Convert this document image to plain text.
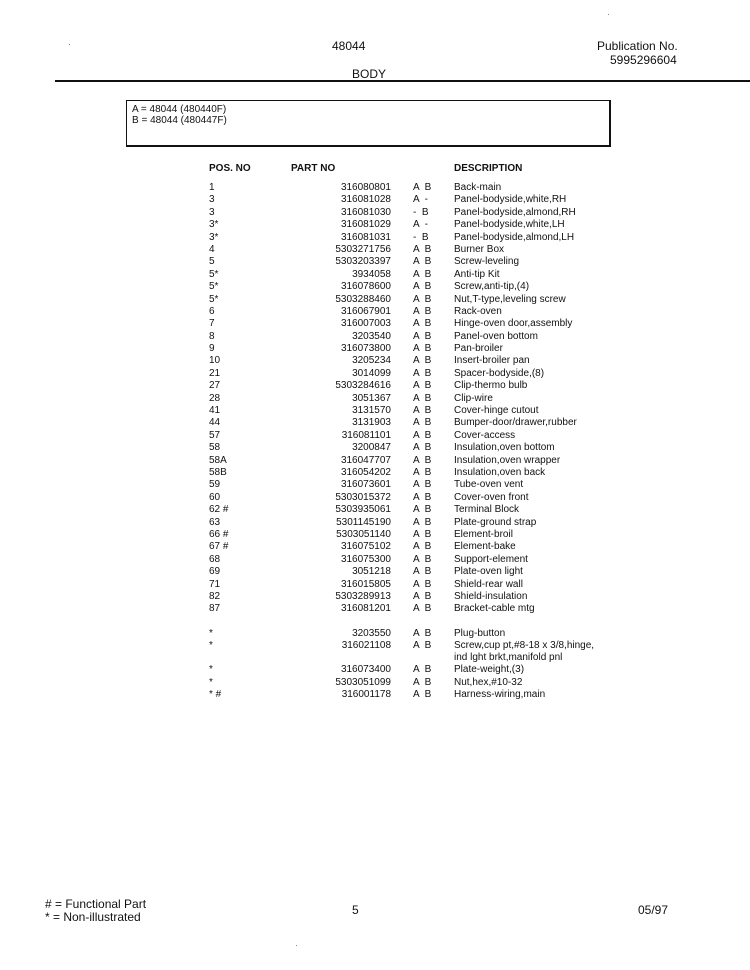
48044	Publication No.
5995296604
BODY
A = 48044 (480440F)
B = 48044 (480447F)
POS. NO	PART NO		DESCRIPTION
1	316080801	A  B	Back-main
3	316081028	A  -	Panel-bodyside,white,RH
3	316081030	-  B	Panel-bodyside,almond,RH
3*	316081029	A  -	Panel-bodyside,white,LH
3*	316081031	-  B	Panel-bodyside,almond,LH
4	5303271756	A  B	Burner Box
5	5303203397	A  B	Screw-leveling
5*	3934058	A  B	Anti-tip Kit
5*	316078600	A  B	Screw,anti-tip,(4)
5*	5303288460	A  B	Nut,T-type,leveling screw
6	316067901	A  B	Rack-oven
7	316007003	A  B	Hinge-oven door,assembly
8	3203540	A  B	Panel-oven bottom
9	316073800	A  B	Pan-broiler
10	3205234	A  B	Insert-broiler pan
21	3014099	A  B	Spacer-bodyside,(8)
27	5303284616	A  B	Clip-thermo bulb
28	3051367	A  B	Clip-wire
41	3131570	A  B	Cover-hinge cutout
44	3131903	A  B	Bumper-door/drawer,rubber
57	316081101	A  B	Cover-access
58	3200847	A  B	Insulation,oven bottom
58A	316047707	A  B	Insulation,oven wrapper
58B	316054202	A  B	Insulation,oven back
59	316073601	A  B	Tube-oven vent
60	5303015372	A  B	Cover-oven front
62 #	5303935061	A  B	Terminal Block
63	5301145190	A  B	Plate-ground strap
66 #	5303051140	A  B	Element-broil
67 #	316075102	A  B	Element-bake
68	316075300	A  B	Support-element
69	3051218	A  B	Plate-oven light
71	316015805	A  B	Shield-rear wall
82	5303289913	A  B	Shield-insulation
87	316081201	A  B	Bracket-cable mtg

*	3203550	A  B	Plug-button

*	316021108	A  B	Screw,cup pt,#8-18 x 3/8,hinge,
ind lght brkt,manifold pnl

*	316073400	A  B	Plate-weight,(3)

*	5303051099	A  B	Nut,hex,#10-32

* #	316001178	A  B	Harness-wiring,main
# = Functional Part
* = Non-illustrated	5	05/97
